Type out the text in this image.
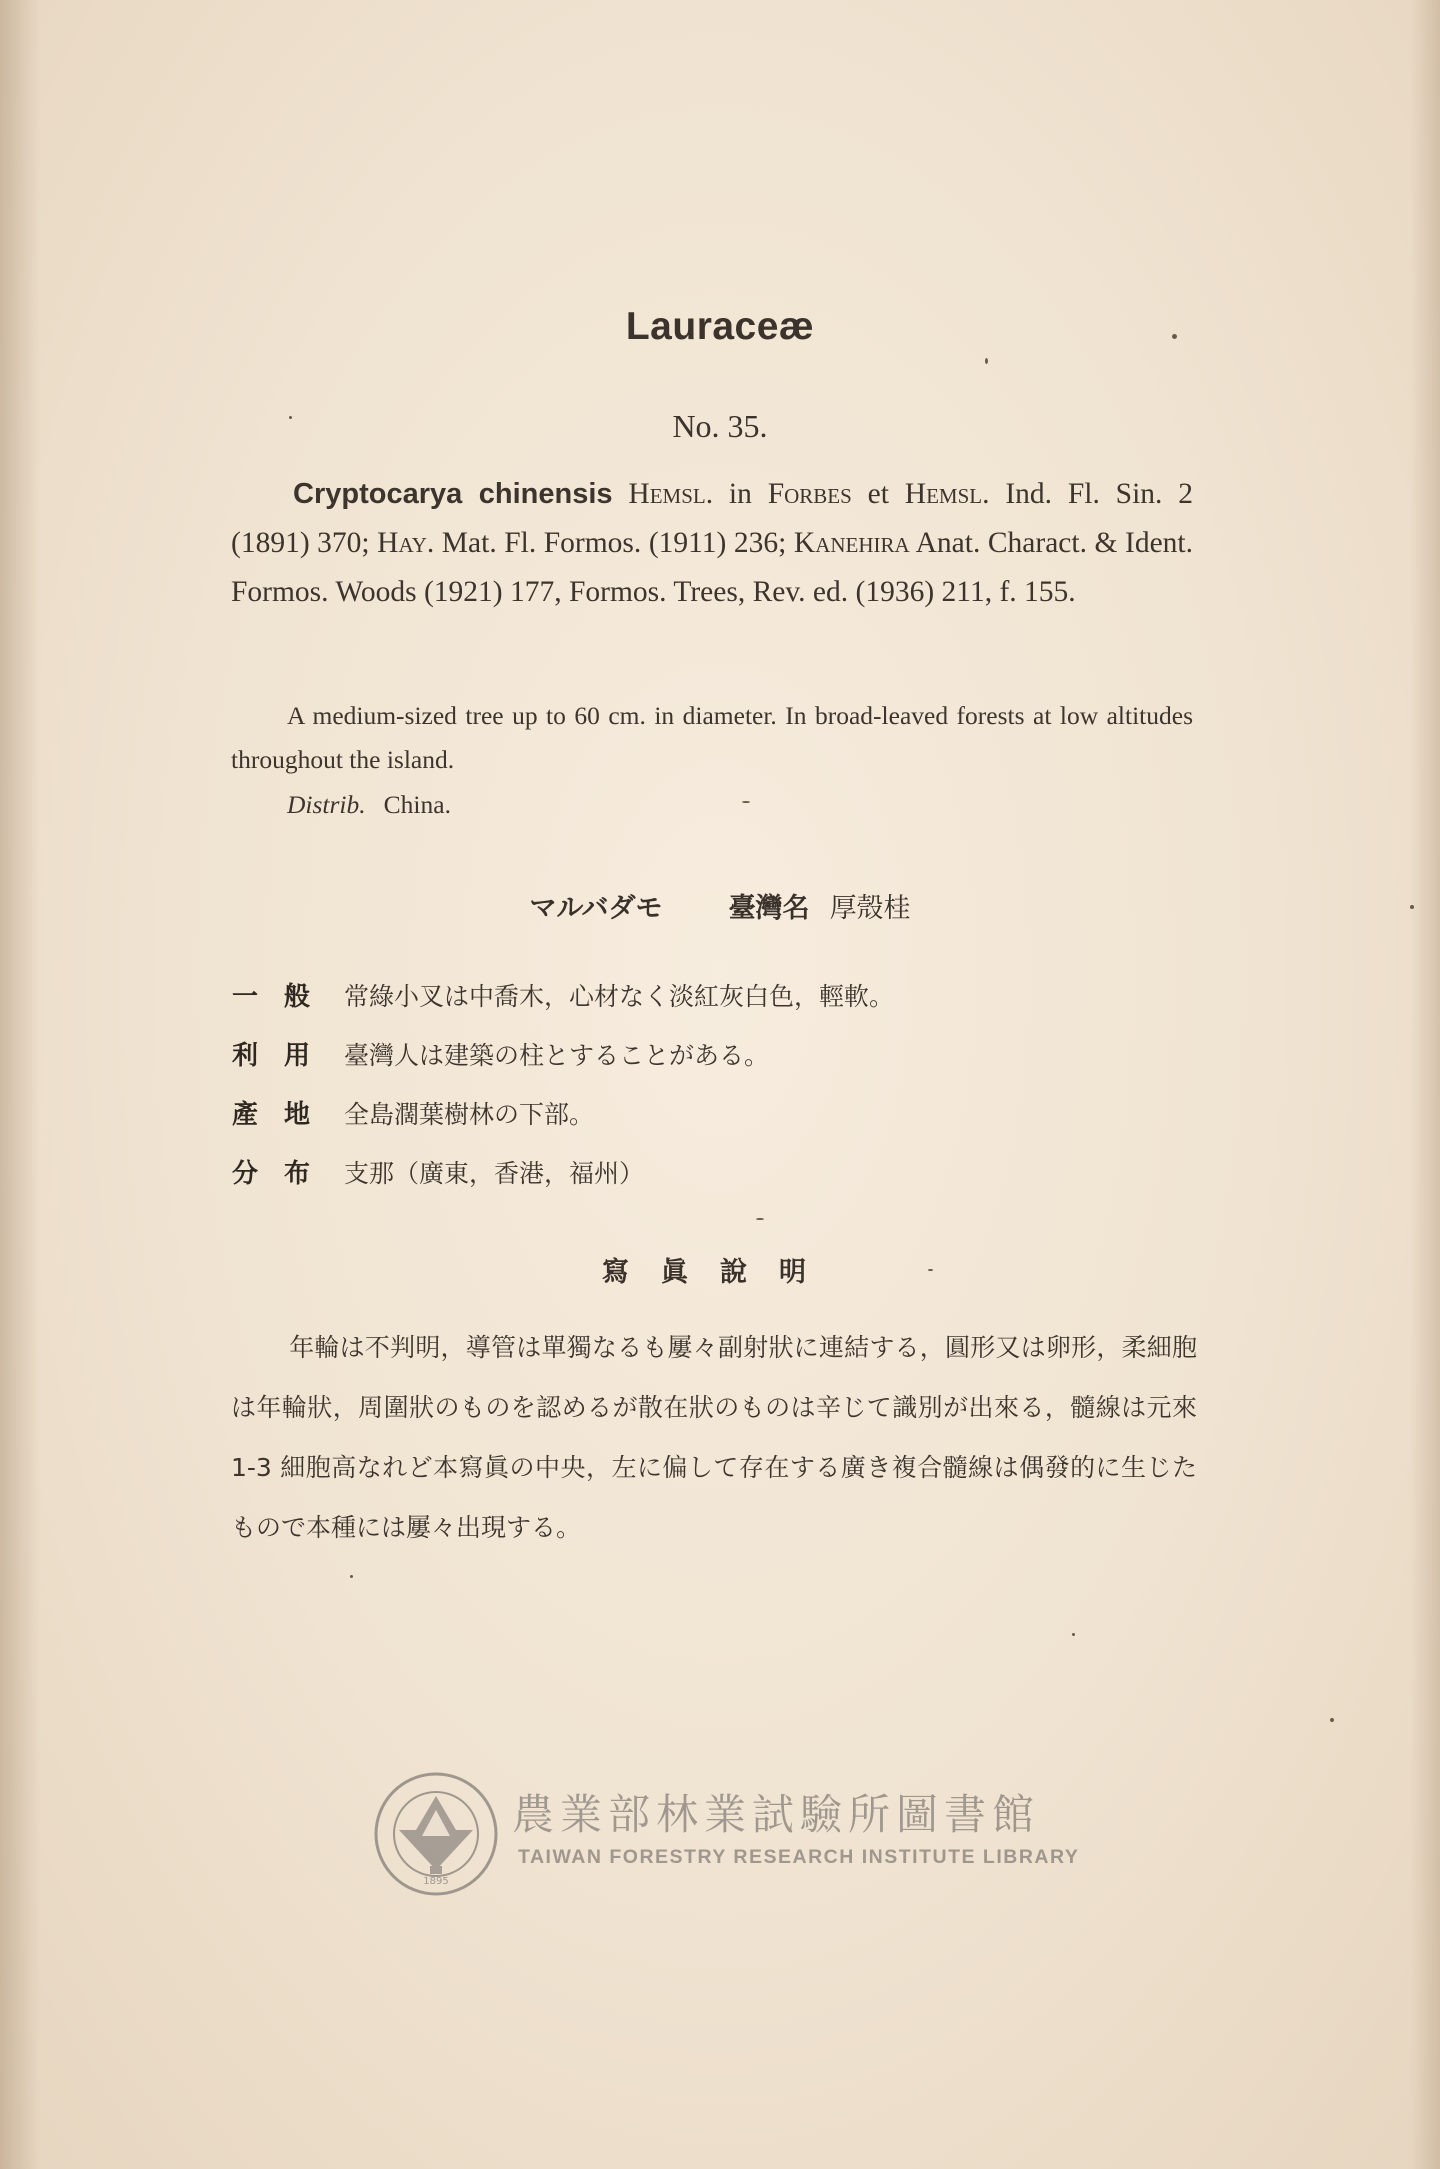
Lauraceæ
No. 35.
Cryptocarya chinensis Hemsl. in Forbes et Hemsl. Ind. Fl. Sin. 2 (1891) 370; Hay. Mat. Fl. Formos. (1911) 236; Kanehira Anat. Charact. & Ident. Formos. Woods (1921) 177, Formos. Trees, Rev. ed. (1936) 211, f. 155.
A medium-sized tree up to 60 cm. in diameter. In broad-leaved forests at low altitudes throughout the island.
Distrib. China.
マルバダモ 臺灣名 厚殼桂
一般 常綠小叉は中喬木，心材なく淡紅灰白色，輕軟。
利用 臺灣人は建築の柱とすることがある。
產地 全島濶葉樹林の下部。
分布 支那（廣東，香港，福州）
寫眞說明
年輪は不判明，導管は單獨なるも屢々副射狀に連結する，圓形又は卵形，柔細胞は年輪狀，周圍狀のものを認めるが散在狀のものは辛じて識別が出來る，髓線は元來 1-3 細胞高なれど本寫眞の中央，左に偏して存在する廣き複合髓線は偶發的に生じたもので本種には屢々出現する。
1895
農業部林業試驗所圖書館
TAIWAN FORESTRY RESEARCH INSTITUTE LIBRARY
